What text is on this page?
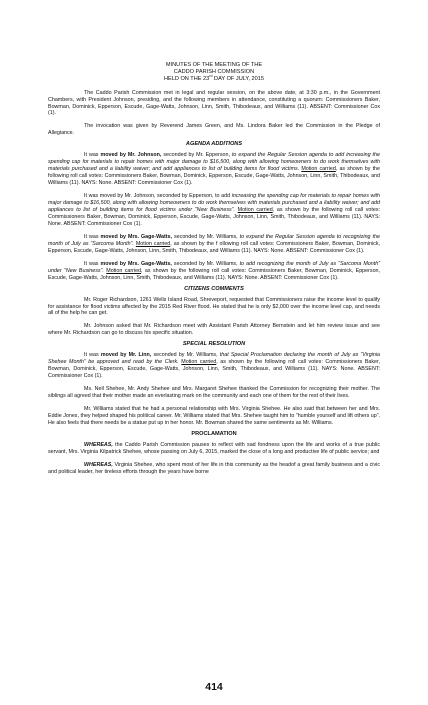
MINUTES OF THE MEETING OF THE
CADDO PARISH COMMISSION
HELD ON THE 23rd DAY OF JULY, 2015

The Caddo Parish Commission met in legal and regular session, on the above date, at 3:30 p.m., in the Government Chambers, with President Johnson, presiding, and the following members in attendance, constituting a quorum: Commissioners Baker, Bowman, Dominick, Epperson, Escude, Gage-Watts, Johnson, Linn, Smith, Thibodeaux, and Williams (11). ABSENT: Commissioner Cox (1).

The invocation was given by Reverend James Green, and Ms. Lindora Baker led the Commission in the Pledge of Allegiance.

AGENDA ADDITIONS

It was moved by Mr. Johnson, seconded by Mr. Epperson, to expand the Regular Session agenda to add increasing the spending cap for materials to repair homes with major damage to $16,500, along with allowing homeowners to do work themselves with materials purchased and a liability waiver; and add appliances to list of building items for flood victims. Motion carried, as shown by the following roll call votes: Commissioners Baker, Bowman, Dominick, Epperson, Escude, Gage-Watts, Johnson, Linn, Smith, Thibodeaux, and Williams (11). NAYS: None. ABSENT: Commissioner Cox (1).

It was moved by Mr. Johnson, seconded by Epperson, to add increasing the spending cap for materials to repair homes with major damage to $16,500, along with allowing homeowners to do work themselves with materials purchased and a liability waiver; and add appliances to list of building items for flood victims under “New Business”. Motion carried, as shown by the following roll call votes: Commissioners Baker, Bowman, Dominick, Epperson, Escude, Gage-Watts, Johnson, Linn, Smith, Thibodeaux, and Williams (11). NAYS: None. ABSENT: Commissioner Cox (1).

It was moved by Mrs. Gage-Watts, seconded by Mr. Williams, to expand the Regular Session agenda to recognizing the month of July as “Sarcoma Month”. Motion carried, as shown by the f ollowing roll call votes: Commissioners Baker, Bowman, Dominick, Epperson, Escude, Gage-Watts, Johnson, Linn, Smith, Thibodeaux, and Williams (11). NAYS: None. ABSENT: Commissioner Cox (1).

It was moved by Mrs. Gage-Watts, seconded by Mr. Williams, to add recognizing the month of July as “Sarcoma Month” under “New Business”. Motion carried, as shown by the following roll call votes: Commissioners Baker, Bowman, Dominick, Epperson, Escude, Gage-Watts, Johnson, Linn, Smith, Thibodeaux, and Williams (11). NAYS: None. ABSENT: Commissioner Cox (1).

CITIZENS COMMENTS

Mr. Roger Richardson, 1261 Wells Island Road, Shreveport, requested that Commissioners raise the income level to qualify for assistance for flood victims affected by the 2015 Red River flood. He stated that he is only $2,000 over the income level cap, and needs all of the help he can get.

Mr. Johnson asked that Mr. Richardson meet with Assistant Parish Attorney Bernstein and let him review issue and see where Mr. Richardson can go to discuss his specific situation.

SPECIAL RESOLUTION

It was moved by Mr. Linn, seconded by Mr. Williams, that Special Proclamation declaring the month of July as “Virginia Shehee Month” be approved and read by the Clerk. Motion carried, as shown by the following roll call votes: Commissioners Baker, Bowman, Dominick, Epperson, Escude, Gage-Watts, Johnson, Linn, Smith, Thibodeaux, and Williams (11). NAYS: None. ABSENT: Commissioner Cox (1).

Ms. Nell Shehee, Mr. Andy Shehee and Mrs. Margaret Shehee thanked the Commission for recognizing their mother. The siblings all agreed that their mother made an everlasting mark on the community and each one of them for the rest of their lives.

Mr. Williams stated that he had a personal relationship with Mrs. Virginia Shehee. He also said that between her and Mrs. Eddie Jones, they helped shaped his political career. Mr. Williams stated that Mrs. Shehee taught him to “humble yourself and lift others up”. He also feels that there needs be a statue put up in her honor. Mr. Bowman shared the same sentiments as Mr. Williams.

PROCLAMATION

WHEREAS, the Caddo Parish Commission pauses to reflect with sad fondness upon the life and works of a true public servant, Mrs. Virginia Kilpatrick Shehee, whose passing on July 6, 2015, marked the close of a long and productive life of public service; and

WHEREAS, Virginia Shehee, who spent most of her life in this community as the headof a great family business and a civic and political leader, her tireless efforts through the years have borne

414
